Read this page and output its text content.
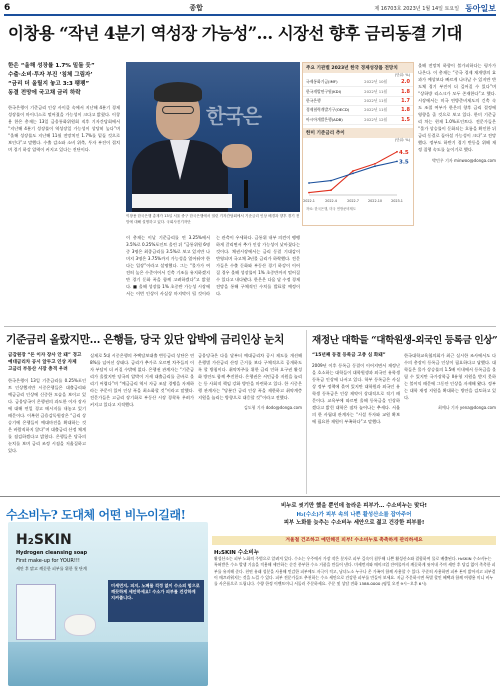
6	종합	제 16703호 2023년 1월 14일 토요일 동아일보
이창용 “작년 4분기 역성장 가능성”… 시장선 향후 금리동결 기대
한은 “올해 성장률 1.7% 밑돌 듯”
수출·소비·투자 부진 ‘침체 그림자’
“금리 더 올릴지 놓고 3:3 팽팽”
동결 전망에 국고채 금리 하락
한국은행이 기준금리 인상 사이클 속에서 지난해 4분기 경제성장률이 마이너스로 떨어졌을 가능성이 크다고 밝혔다. 이창용 한은 총재는 13일 금융통화위원회 직후 기자간담회에서 “지난해 4분기 성장률이 역성장일 가능성이 상당히 높다”며 “올해 성장률도 지난해 11월 전망치인 1.7%를 밑돌 것으로 보인다”고 말했다. 수출 감소와 소비 위축, 투자 부진이 겹치며 경기 하강 압력이 커지고 있다는 진단이다.
한국은
이창용 한국은행 총재가 13일 서울 중구 한국은행에서 열린 기자간담회에서 기준금리 인상 배경과 향후 경기 전망에 대해 설명하고 있다. 국회사진기자단
이 총재는 이날 기준금리를 연 3.25%에서 3.5%로 0.25%포인트 올린 뒤 “금통위원 6명 중 3명은 최종금리를 3.5%로 보고 있지만 나머지 3명은 3.75%까지 가능성을 열어둬야 한다는 입장”이라고 설명했다. 그는 “물가가 여전히 높은 수준이어서 긴축 기조를 유지하겠지만 경기 둔화 폭을 함께 고려하겠다”고 밝혔다. ■ 올해 성장률 1% 초중반 가능성 시장에서는 이번 인상이 사실상 마지막이 될 것이라는 관측이 우세하다. 금통위 내부 의견이 팽팽하게 갈리면서 추가 인상 가능성이 낮아졌다는 것이다. 채권시장에서는 금리 동결 기대감이 반영되며 국고채 3년물 금리가 하락했다. 전문가들은 수출 둔화와 부동산 경기 하강이 이어질 경우 올해 성장률이 1% 초중반까지 떨어질 수 있다고 내다봤다. 한은은 다음 달 수정 경제전망을 통해 구체적인 수치를 발표할 예정이다.
주요 기관별 2023년 한국 경제성장률 전망치
(단위: %)
국제통화기금(IMF)	2022년 10월	2.0
한국개발연구원(KDI)	2022년 11월	1.8
한국은행	2022년 11월	1.7
경제협력개발기구(OECD)	2022년 11월	1.8
아시아개발은행(ADB)	2022년 12월	1.5
한미 기준금리 추이
(단위: %)
2022.1	2022.4	2022.7	2022.10	2023.1
4.5
3.5
자료: 한국은행, 미국 연방준비제도
올해 전망치 하향이 불가피하다는 평가가 나온다. 이 총재는 “중국 경제 재개방의 효과가 예상보다 빠르게 나타날 수 있지만 반도체 경기 부진이 더 깊어질 수 있다”며 “상하방 리스크가 모두 존재한다”고 했다. 시장에서는 미국 연방준비제도의 긴축 속도 조절 여부가 한은의 향후 금리 결정에 영향을 줄 것으로 보고 있다. 한미 기준금리 차는 현재 1.0%포인트다. 전문가들은 “물가 상승률이 둔화되는 흐름을 확인한 뒤 금리 동결로 돌아설 가능성이 크다”고 전망했다. 정부도 하반기 경기 반등을 위해 재정 집행 속도를 높이기로 했다.
박민우 기자 minwoo@donga.com
기준금리 올랐지만… 은행들, 당국 있단 압박에 금리인상 눈치
금감원장 “돈 이자 장사 안 돼” 경고
예대금리차 공시 앞두고 인상 자제
고금리 부동산 시장 충격 우려
한국은행이 13일 기준금리를 0.25%포인트 인상했지만 시중은행들은 대출금리와 예금금리 인상에 신중한 모습을 보이고 있다. 금융당국이 은행권의 과도한 이자 장사에 대해 연일 경고 메시지를 내놓고 있기 때문이다. 이복현 금융감독원장은 “금리 상승기에 은행들이 예대마진을 확대하는 것은 바람직하지 않다”며 대출금리 산정 체계를 점검하겠다고 밝혔다. 은행들은 당국의 눈치를 보며 금리 조정 시점을 저울질하고 있다.
실제로 5대 시중은행의 주택담보대출 변동금리 상단은 연 8%를 넘어선 상태다. 금리가 추가로 오르면 차주들의 이자 부담이 더 커질 수밖에 없다. 은행권 관계자는 “기준금리가 올랐지만 당국의 압박이 거세 대출금리를 곧바로 올리기 어렵다”며 “예금금리 역시 자금 조달 경쟁을 자제하라는 주문이 있어 인상 폭을 최소화할 것”이라고 말했다. 전문가들은 고금리 장기화로 부동산 시장 경착륙 우려가 커지고 있다고 지적했다.
금융당국은 다음 달부터 예대금리차 공시 제도를 개선해 은행별 가산금리 산정 근거를 보다 구체적으로 공개하도록 할 방침이다. 취약차주를 위한 금리 인하 요구권 활성화 방안도 함께 추진한다. 은행권은 서민금융 지원을 늘리는 등 사회적 책임 강화 방안을 마련하고 있다. 한 시중은행 관계자는 “당분간 금리 인상 폭을 제한하고 취약계층 지원을 늘리는 방향으로 대응할 것”이라고 전했다.
김도형 기자 dodo@donga.com
재정난 대학들 “대학원생-외국인 등록금 인상”
“15년째 동결 등록금 고충 심 화돼”
2009년 이후 등록금 동결이 이어지면서 재정난을 호소하는 대학들이 대학원생과 외국인 유학생 등록금 인상에 나서고 있다. 학부 등록금은 사실상 정부 정책에 묶여 있지만 대학원과 외국인 유학생 등록금은 인상 제약이 상대적으로 적기 때문이다. 교육부에 따르면 올해 등록금을 인상하겠다고 밝힌 대학은 점차 늘어나는 추세다. 서울의 한 사립대 관계자는 “시설 투자와 교원 확보에 필요한 재원이 부족하다”고 말했다.
한국대학교육협의회가 최근 실시한 조사에서도 다수의 총장이 등록금 인상이 필요하다고 답했다. 대학들은 물가 상승률의 1.5배 이내에서 등록금을 올릴 수 있지만 국가장학금 II유형 지원을 받지 못하는 불이익 때문에 그동안 인상을 자제해 왔다. 정부는 대학 재정 지원을 확대하는 방안을 검토하고 있다.
최예나 기자 yena@donga.com
수소비누? 도대체 어떤 비누이길래!
H₂SKIN
Hydrogen cleansing soap
First make-up for YOUR!!!
세안 후 맑고 깨끗한 피부를 위한 첫 단계
미세먼지, 피지, 노폐물 걱정 없이 수소의 힘으로 깨끗하게 세안하세요! 수소가 피부를 건강하게 지켜줍니다.
비누로 씻기만 했을 뿐인데 놀라운 피부가… 수소비누는 맞다!
H₂(수소)가 피부 속의 나쁜 활성산소를 잡아주어
피부 노화를 늦추는 수소비누 세안으로 젊고 건강한 피부를!
겨울철 건조하고 예민해진 피부! 수소비누로 촉촉하게 관리하세요
H₂SKIN 수소비누
활성산소는 피부 노화의 주범으로 알려져 있다. 수소는 우주에서 가장 작은 분자로 피부 깊숙이 침투해 나쁜 활성산소와 결합하여 물로 배출된다. H₂SKIN 수소비누는 특허받은 수소 발생 기술을 적용해 세안하는 순간 풍부한 수소 거품을 만들어 낸다. 미세먼지와 메이크업 잔여물까지 깨끗하게 씻어내 주며 세안 후 당김 없이 촉촉한 피부를 유지해 준다. 천연 유래 성분을 사용해 민감한 피부에도 자극이 적고, 남녀노소 누구나 온 가족이 함께 사용할 수 있다. 꾸준히 사용하면 피부 톤이 밝아지고 피부결이 매끄러워지는 것을 느낄 수 있다. 피부 전문가들도 추천하는 수소 세안으로 건강한 피부를 만들어 보세요. 지금 주문하시면 특별 할인 혜택과 함께 여행용 미니 비누를 사은품으로 드립니다. 수량 한정 이벤트이니 서둘러 주문하세요. 주문 및 상담 전화 1588-0000 (평일 오전 9시~오후 6시)
